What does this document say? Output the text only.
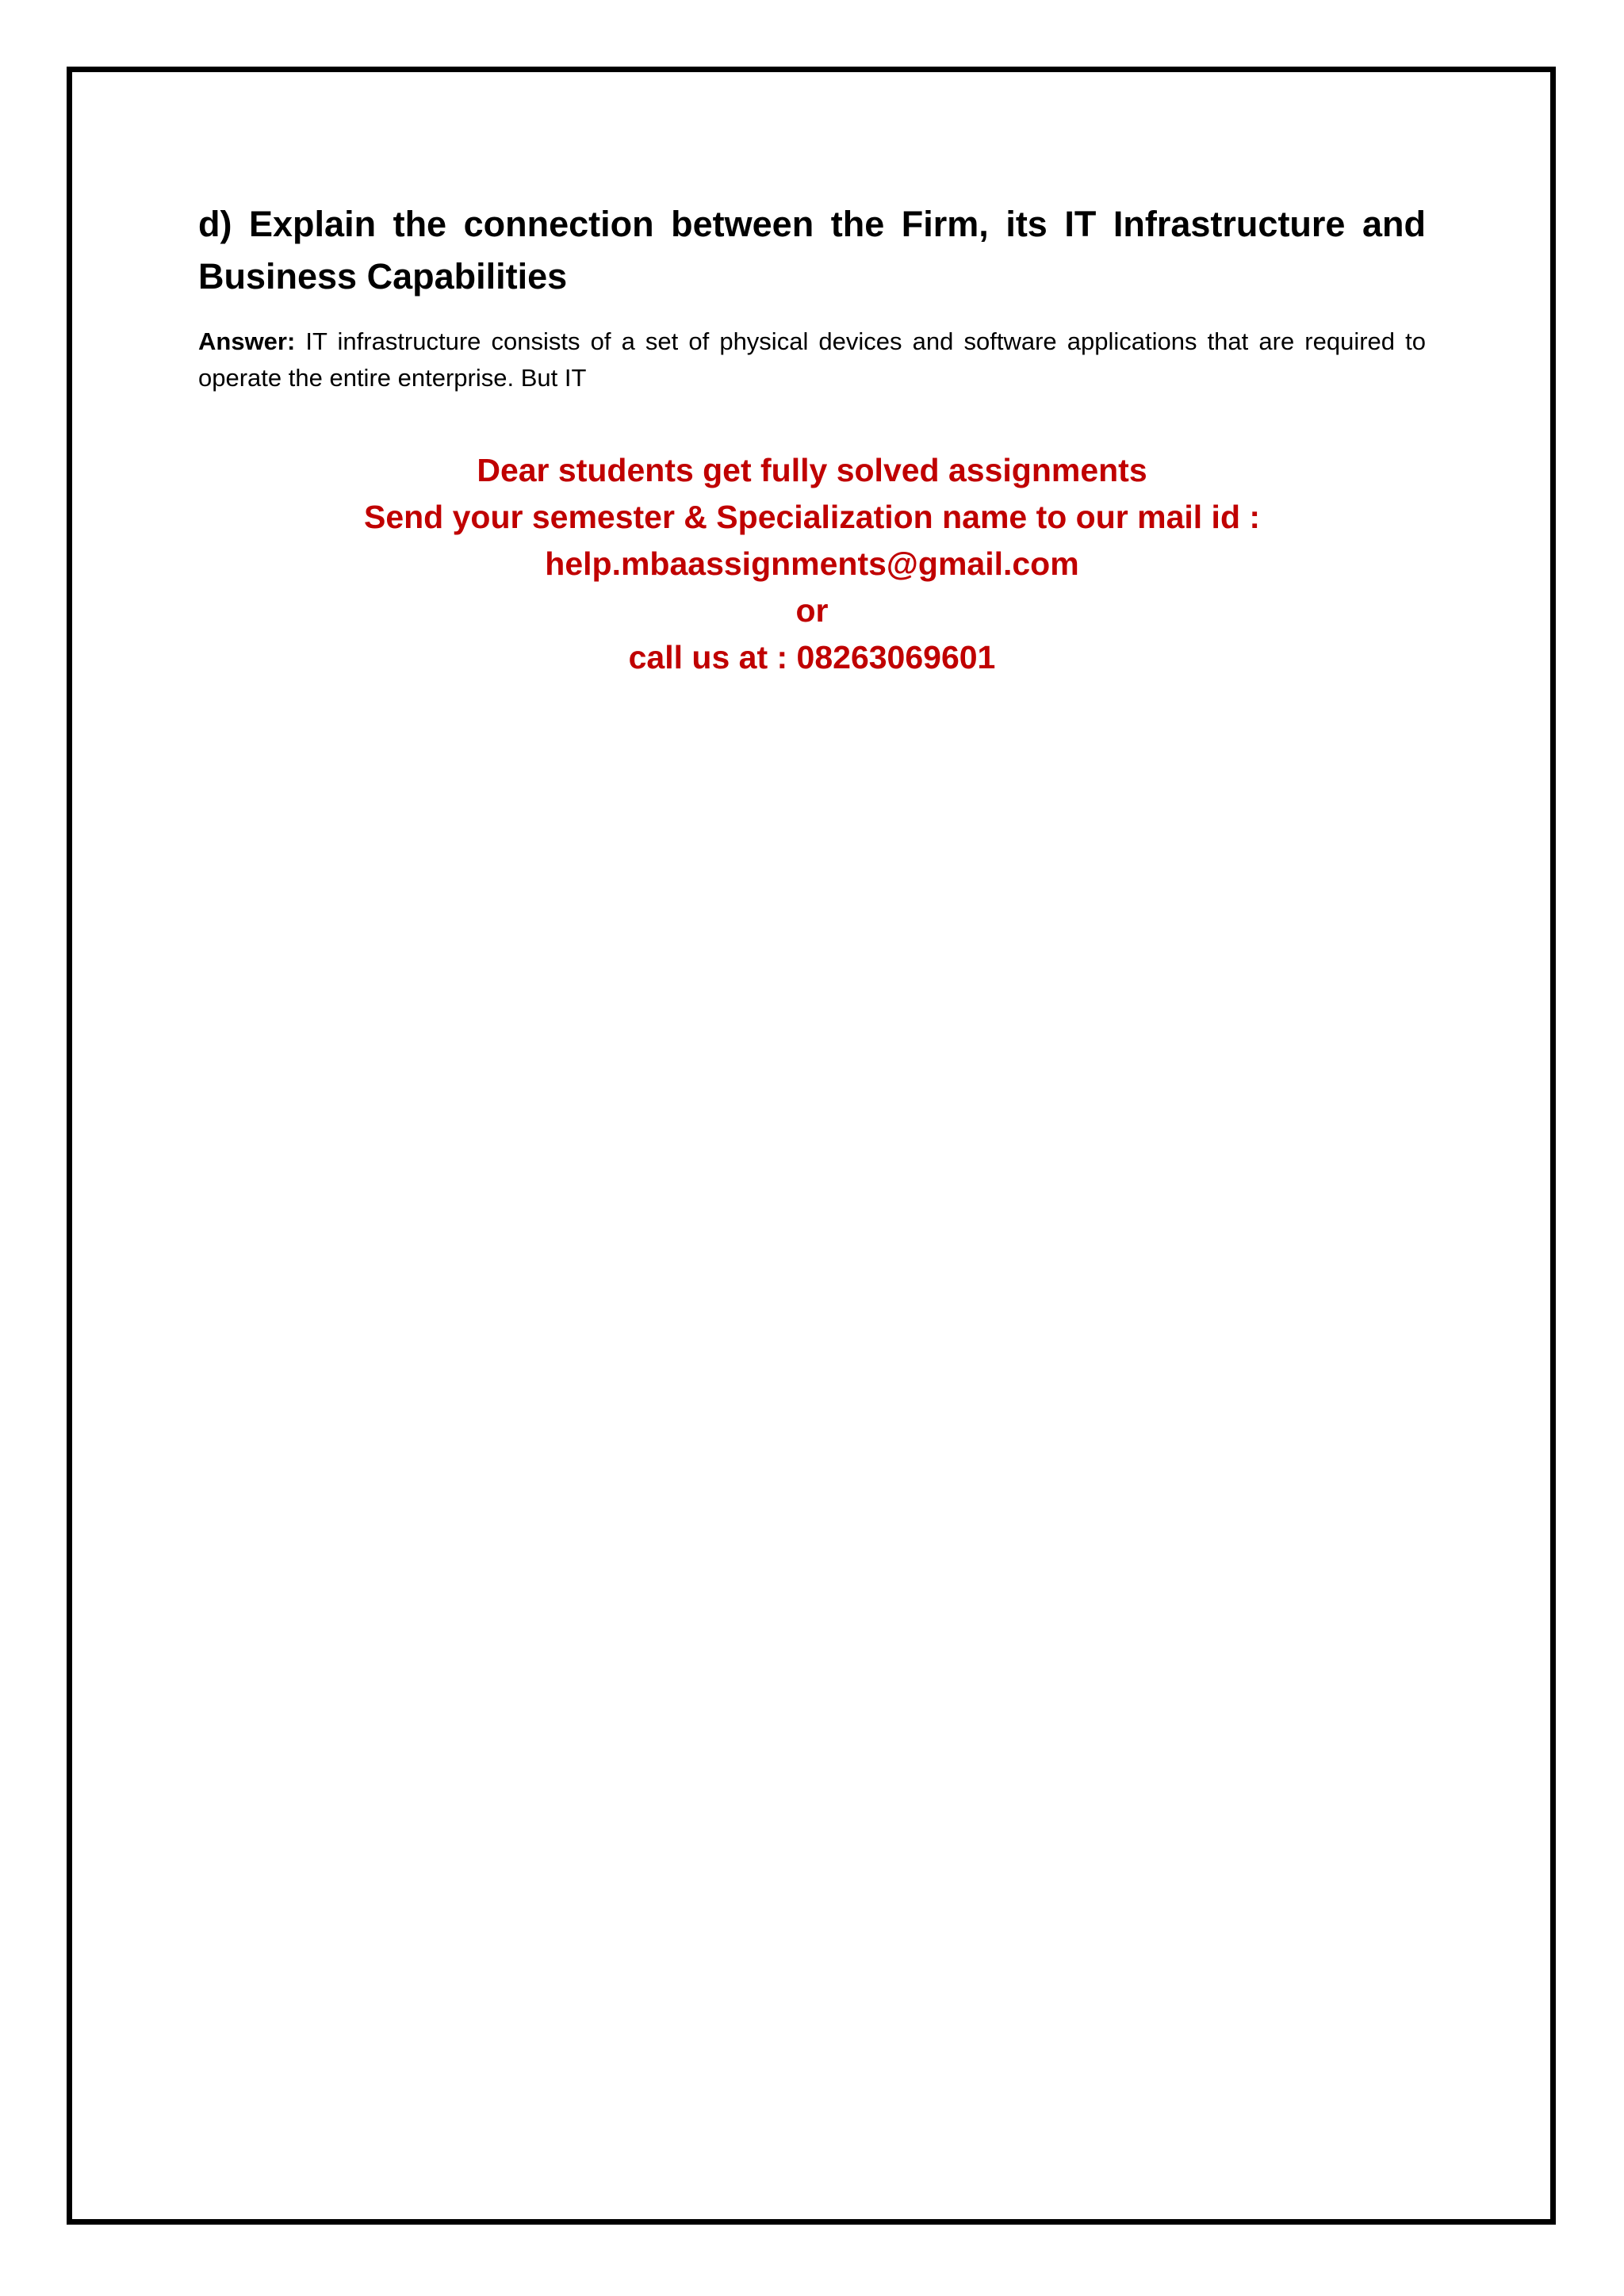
d) Explain the connection between the Firm, its IT Infrastructure and Business Capabilities

Answer: IT infrastructure consists of a set of physical devices and software applications that are required to operate the entire enterprise. But IT

Dear students get fully solved assignments
Send your semester & Specialization name to our mail id :
help.mbaassignments@gmail.com
or
call us at : 08263069601
